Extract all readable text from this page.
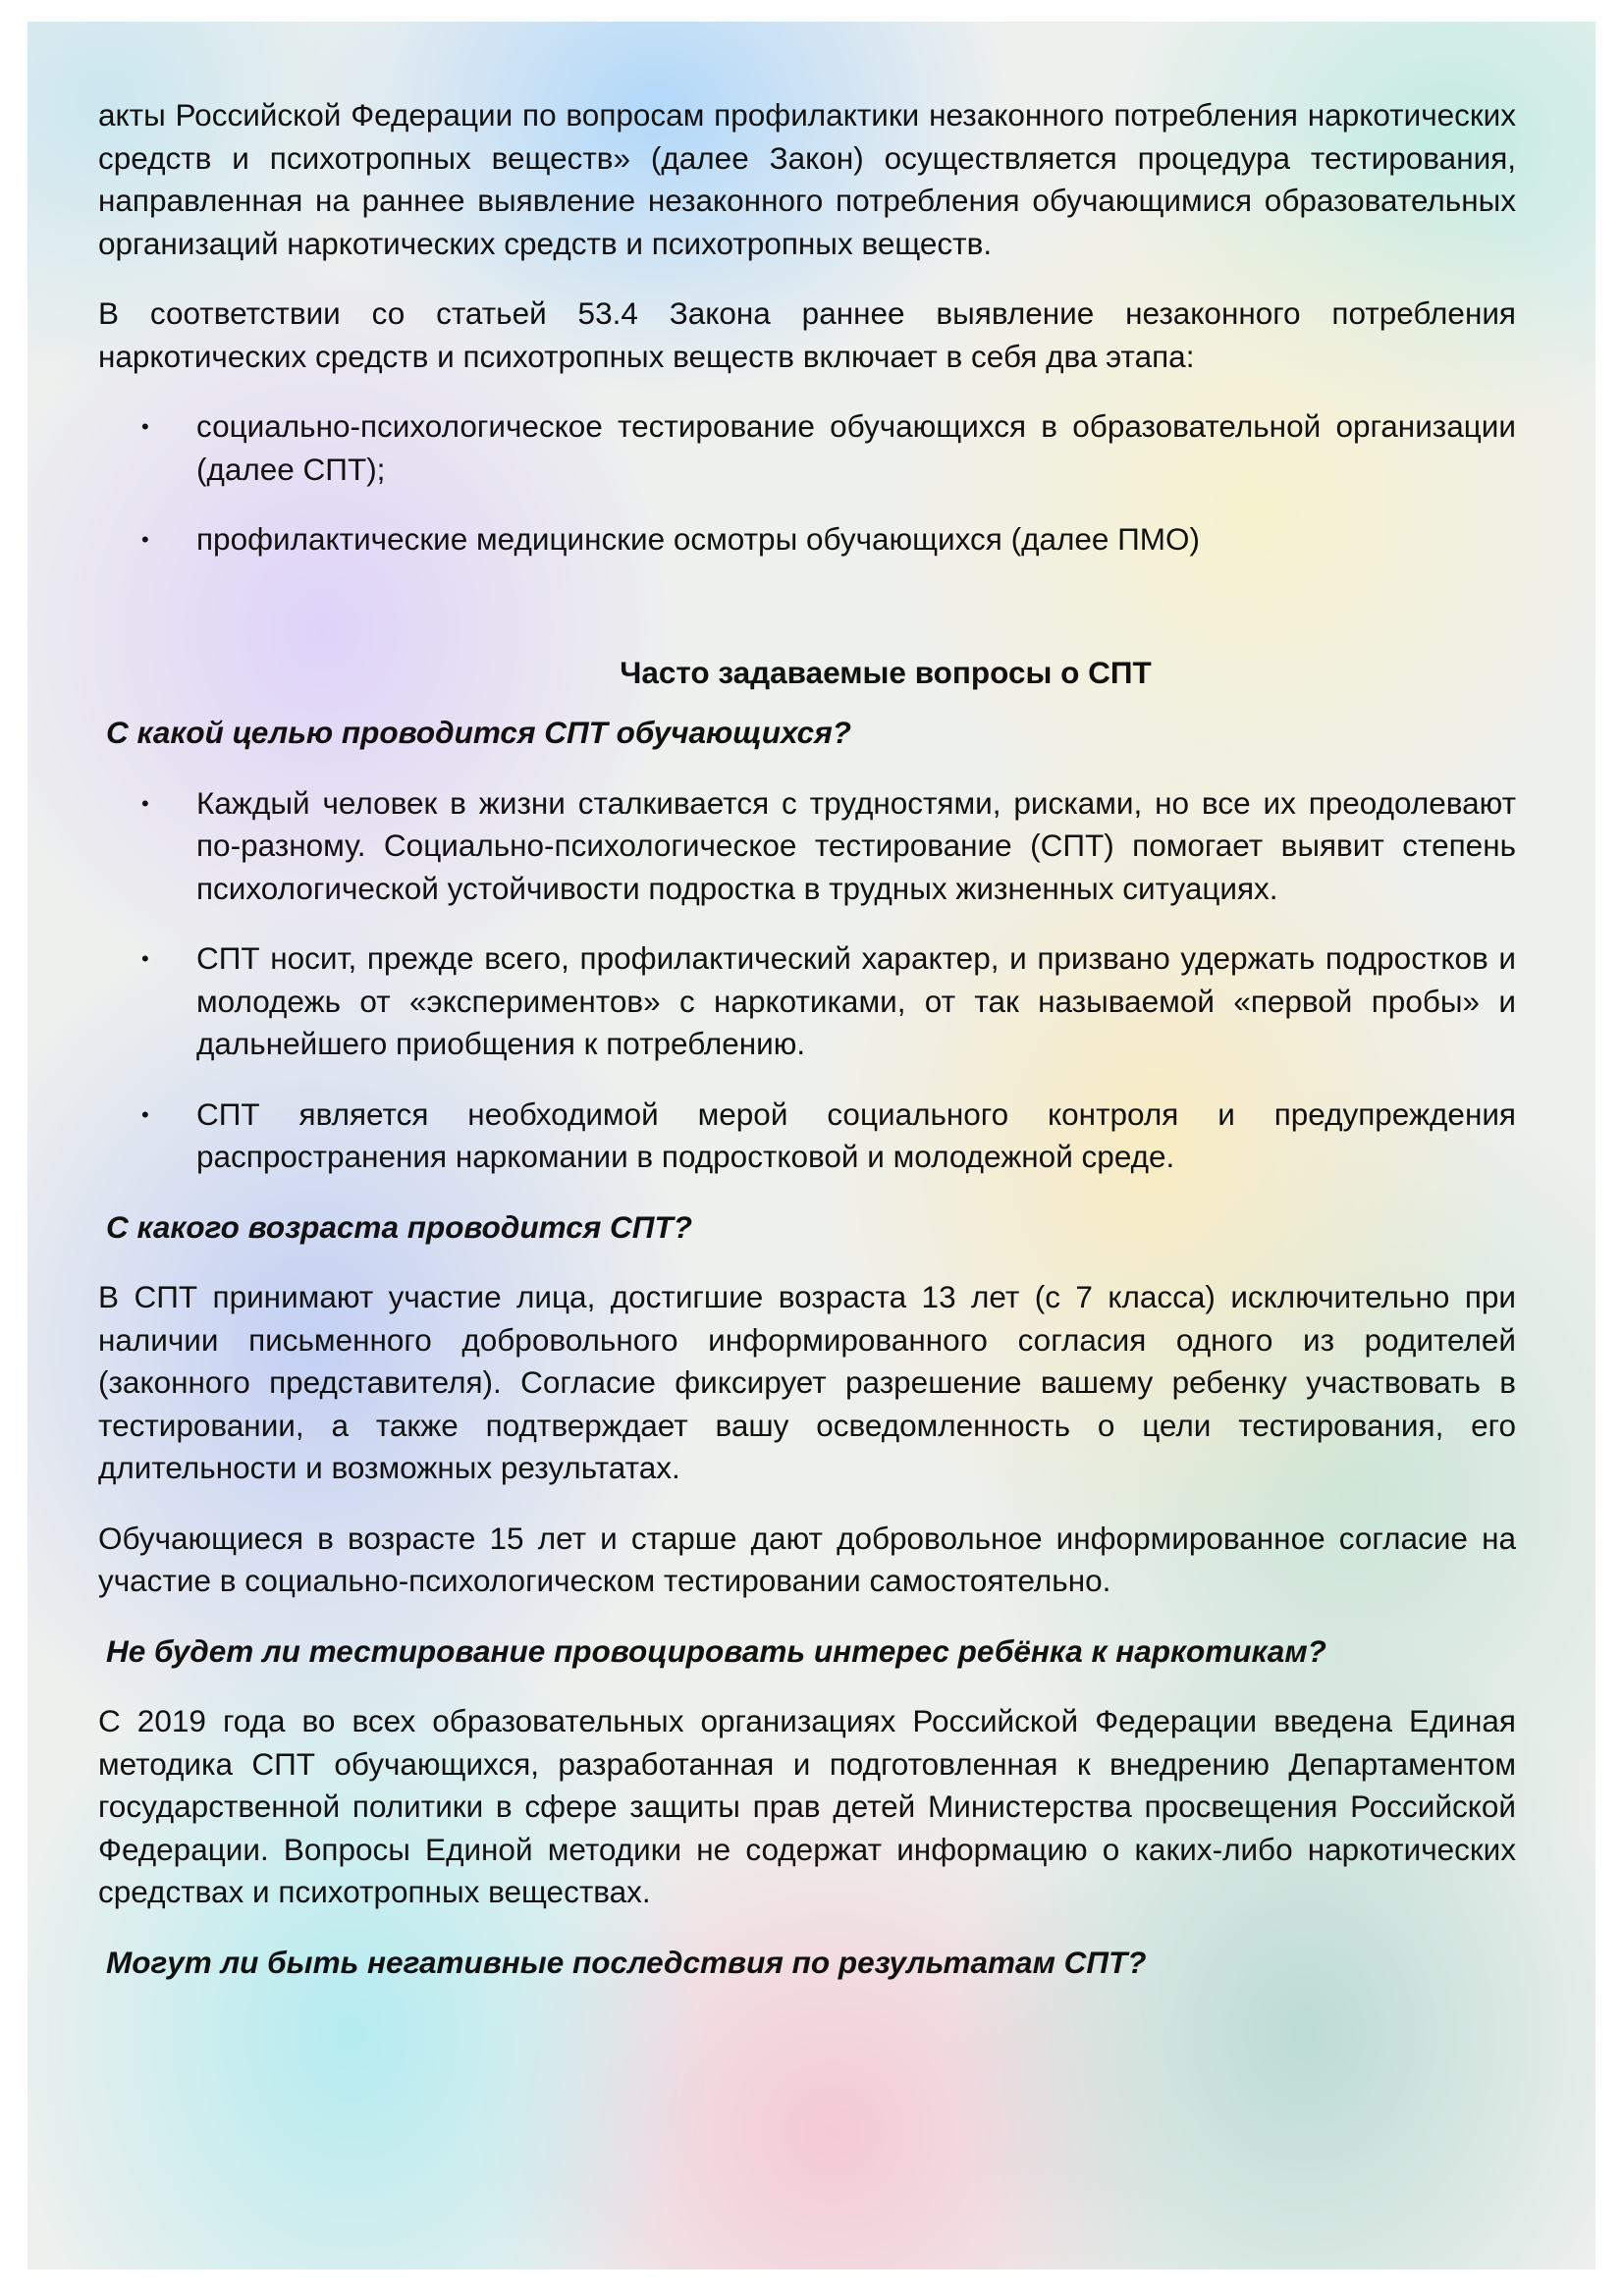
акты Российской Федерации по вопросам профилактики незаконного потребления наркотических средств и психотропных веществ» (далее Закон) осуществляется процедура тестирования, направленная на раннее выявление незаконного потребления обучающимися образовательных организаций наркотических средств и психотропных веществ.

В соответствии со статьей 53.4 Закона раннее выявление незаконного потребления наркотических средств и психотропных веществ включает в себя два этапа:

• социально-психологическое тестирование обучающихся в образовательной организации (далее СПТ);
• профилактические медицинские осмотры обучающихся (далее ПМО)
Часто задаваемые вопросы о СПТ
С какой целью проводится СПТ обучающихся?
• Каждый человек в жизни сталкивается с трудностями, рисками, но все их преодолевают по-разному. Социально-психологическое тестирование (СПТ) помогает выявит степень психологической устойчивости подростка в трудных жизненных ситуациях.
• СПТ носит, прежде всего, профилактический характер, и призвано удержать подростков и молодежь от «экспериментов» с наркотиками, от так называемой «первой пробы» и дальнейшего приобщения к потреблению.
• СПТ является необходимой мерой социального контроля и предупреждения распространения наркомании в подростковой и молодежной среде.
С какого возраста проводится СПТ?

В СПТ принимают участие лица, достигшие возраста 13 лет (с 7 класса) исключительно при наличии письменного добровольного информированного согласия одного из родителей (законного представителя). Согласие фиксирует разрешение вашему ребенку участвовать в тестировании, а также подтверждает вашу осведомленность о цели тестирования, его длительности и возможных результатах.

Обучающиеся в возрасте 15 лет и старше дают добровольное информированное согласие на участие в социально-психологическом тестировании самостоятельно.

Не будет ли тестирование провоцировать интерес ребёнка к наркотикам?

С 2019 года во всех образовательных организациях Российской Федерации введена Единая методика СПТ обучающихся, разработанная и подготовленная к внедрению Департаментом государственной политики в сфере защиты прав детей Министерства просвещения Российской Федерации. Вопросы Единой методики не содержат информацию о каких-либо наркотических средствах и психотропных веществах.

Могут ли быть негативные последствия по результатам СПТ?
